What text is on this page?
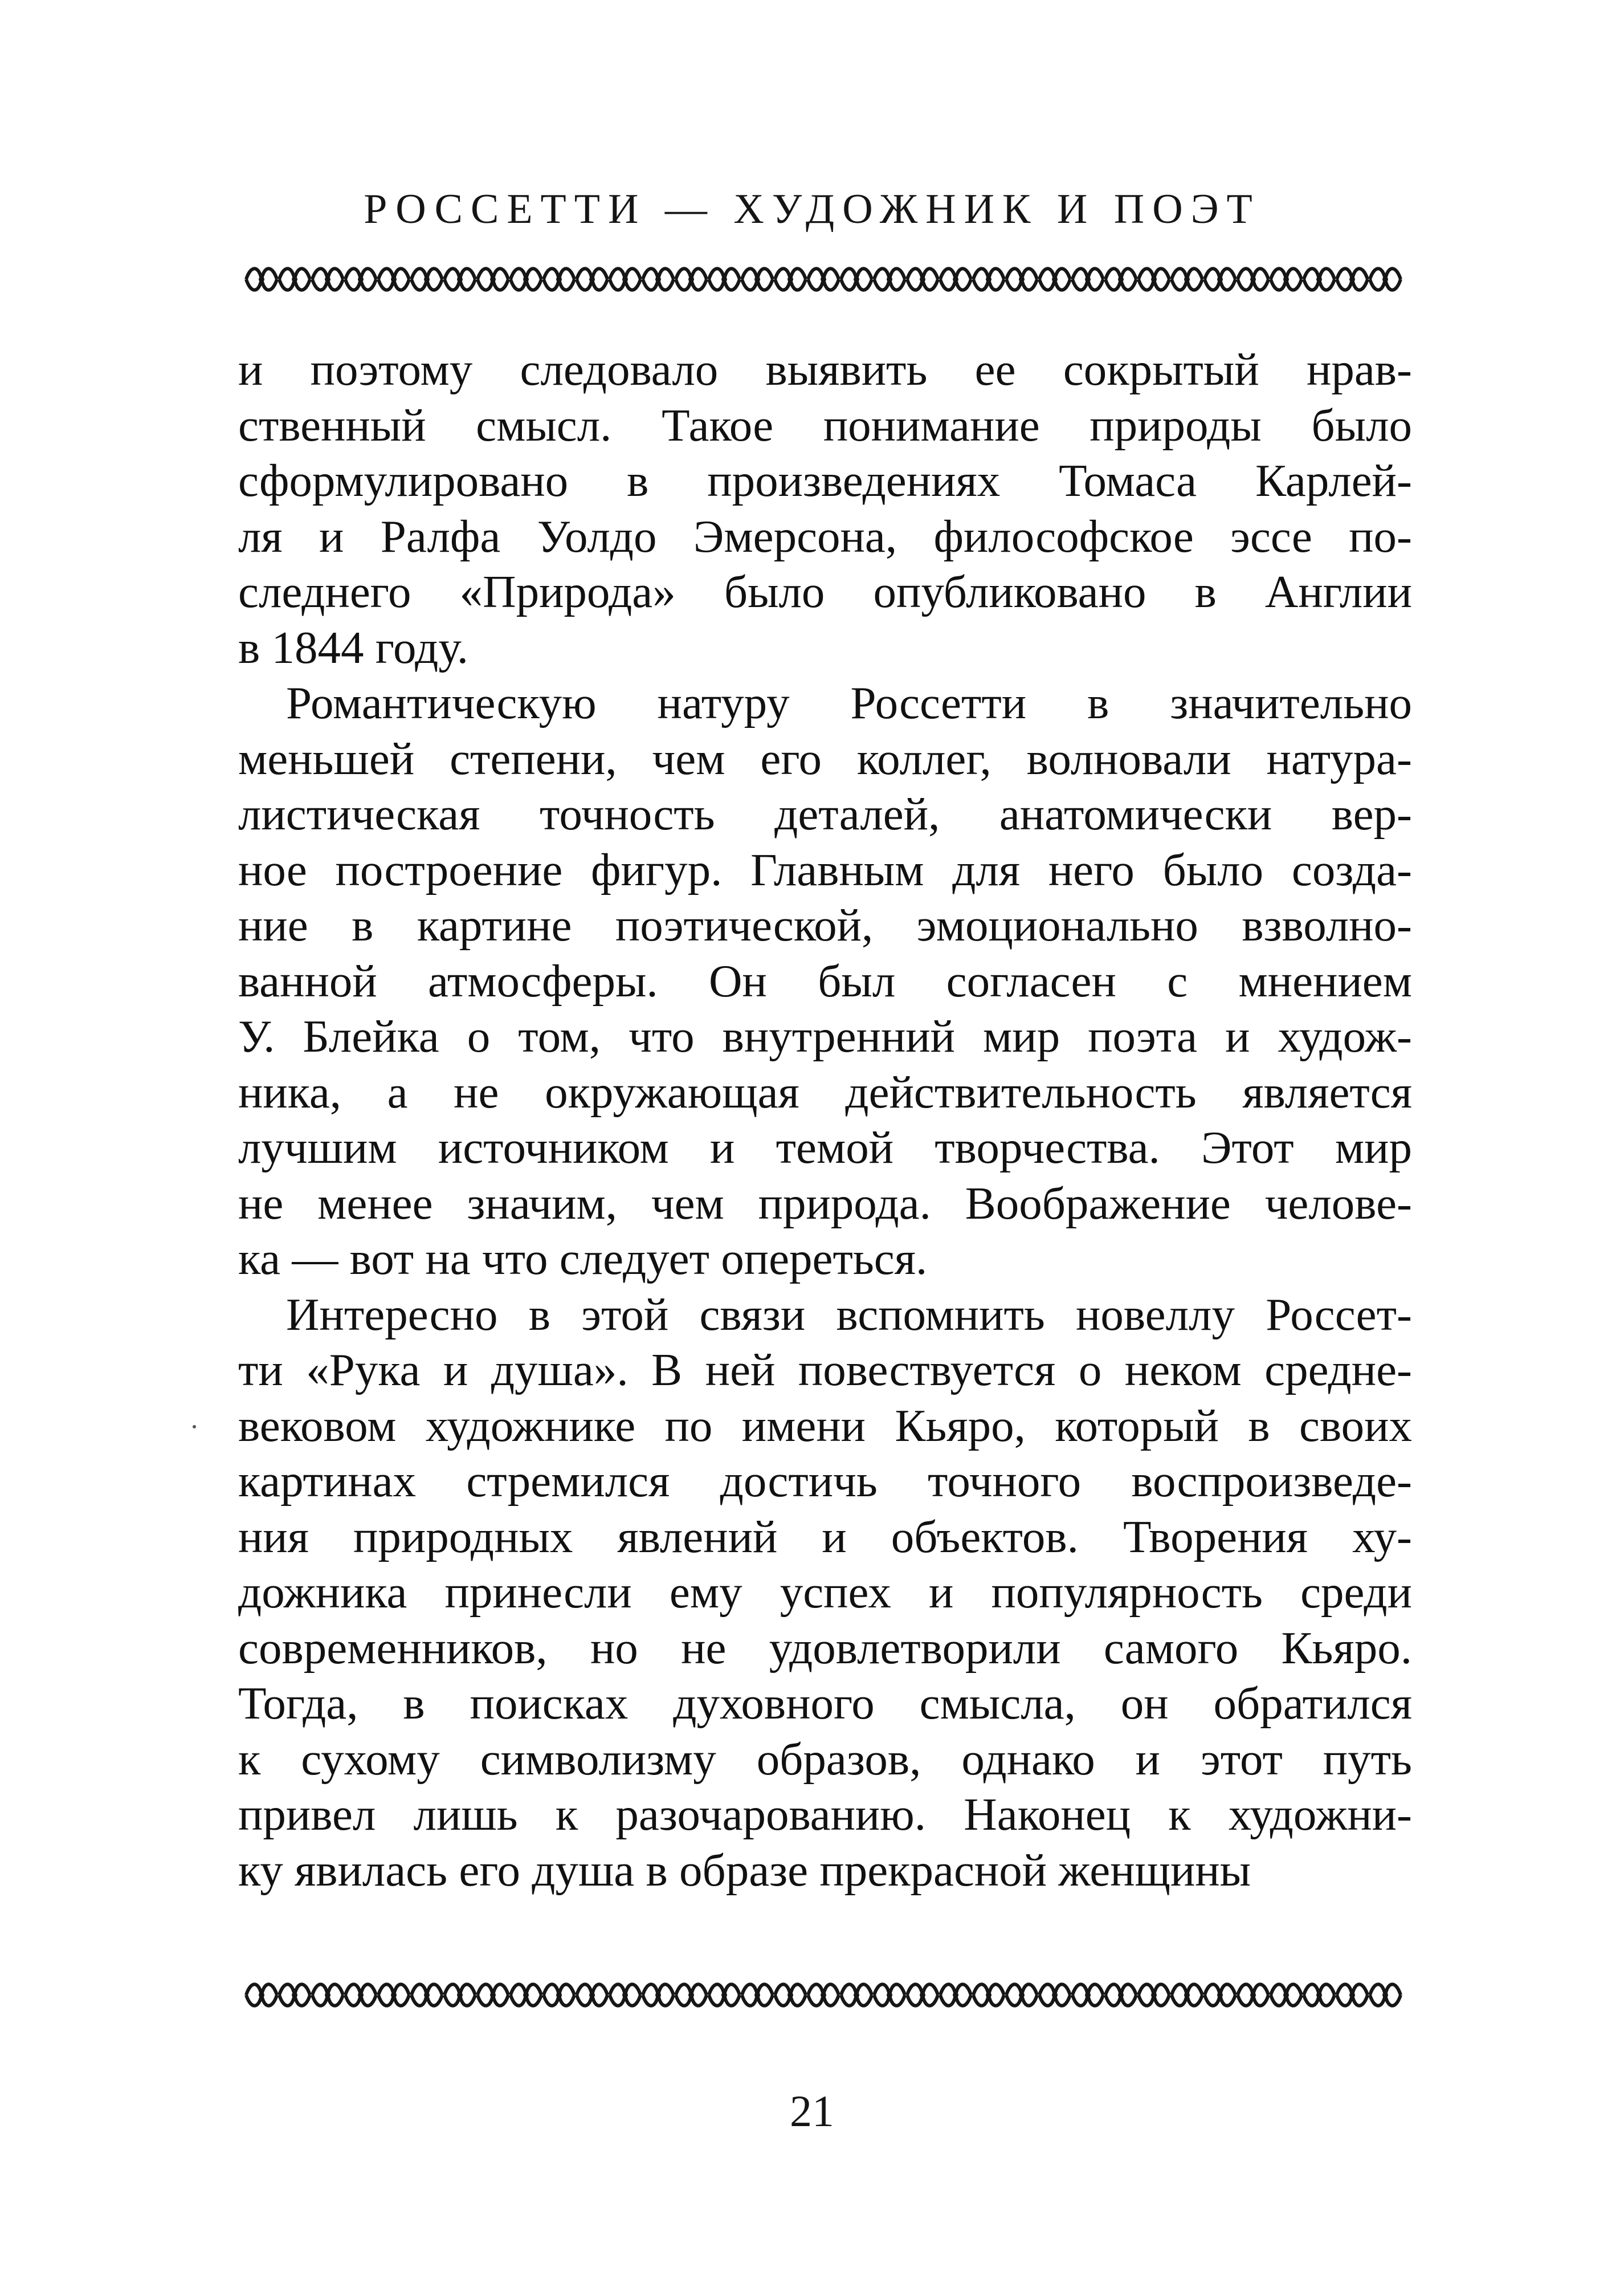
РОССЕТТИ — ХУДОЖНИК И ПОЭТ
и поэтому следовало выявить ее сокрытый нрав-
ственный смысл. Такое понимание природы было
сформулировано в произведениях Томаса Карлей-
ля и Ралфа Уолдо Эмерсона, философское эссе по-
следнего «Природа» было опубликовано в Англии
в 1844 году.
Романтическую натуру Россетти в значительно
меньшей степени, чем его коллег, волновали натура-
листическая точность деталей, анатомически вер-
ное построение фигур. Главным для него было созда-
ние в картине поэтической, эмоционально взволно-
ванной атмосферы. Он был согласен с мнением
У. Блейка о том, что внутренний мир поэта и худож-
ника, а не окружающая действительность является
лучшим источником и темой творчества. Этот мир
не менее значим, чем природа. Воображение челове-
ка — вот на что следует опереться.
Интересно в этой связи вспомнить новеллу Россет-
ти «Рука и душа». В ней повествуется о неком средне-
вековом художнике по имени Кьяро, который в своих
картинах стремился достичь точного воспроизведе-
ния природных явлений и объектов. Творения ху-
дожника принесли ему успех и популярность среди
современников, но не удовлетворили самого Кьяро.
Тогда, в поисках духовного смысла, он обратился
к сухому символизму образов, однако и этот путь
привел лишь к разочарованию. Наконец к художни-
ку явилась его душа в образе прекрасной женщины
21
